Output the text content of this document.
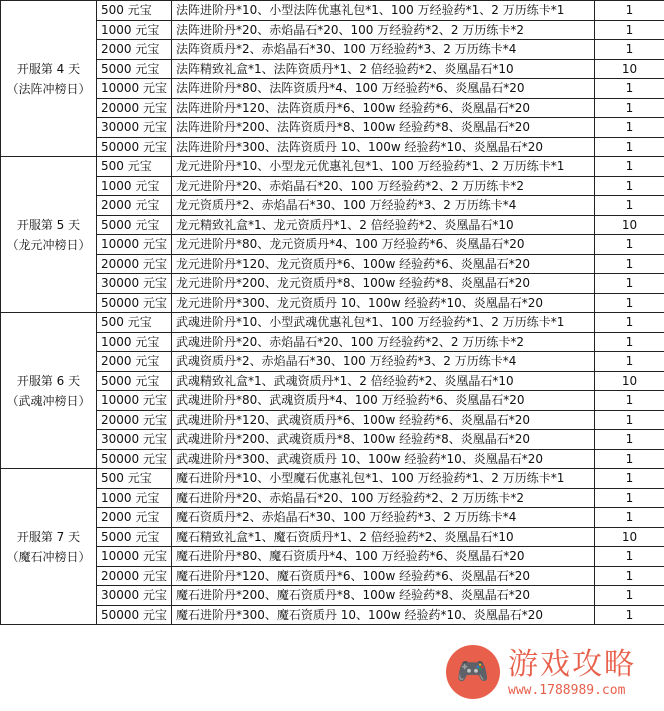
开服第 4 天
（法阵冲榜日）	500 元宝	法阵进阶丹*10、小型法阵优惠礼包*1、100 万经验药*1、2 万历练卡*1	1
	1000 元宝	法阵进阶丹*20、赤焰晶石*20、100 万经验药*2、2 万历练卡*2	1
	2000 元宝	法阵资质丹*2、赤焰晶石*30、100 万经验药*3、2 万历练卡*4	1
	5000 元宝	法阵精致礼盒*1、法阵资质丹*1、2 倍经验药*2、炎凰晶石*10	10
	10000 元宝	法阵进阶丹*80、法阵资质丹*4、100 万经验药*6、炎凰晶石*20	1
	20000 元宝	法阵进阶丹*120、法阵资质丹*6、100w 经验药*6、炎凰晶石*20	1
	30000 元宝	法阵进阶丹*200、法阵资质丹*8、100w 经验药*8、炎凰晶石*20	1
	50000 元宝	法阵进阶丹*300、法阵资质丹 10、100w 经验药*10、炎凰晶石*20	1

开服第 5 天
（龙元冲榜日）	500 元宝	龙元进阶丹*10、小型龙元优惠礼包*1、100 万经验药*1、2 万历练卡*1	1
	1000 元宝	龙元进阶丹*20、赤焰晶石*20、100 万经验药*2、2 万历练卡*2	1
	2000 元宝	龙元资质丹*2、赤焰晶石*30、100 万经验药*3、2 万历练卡*4	1
	5000 元宝	龙元精致礼盒*1、龙元资质丹*1、2 倍经验药*2、炎凰晶石*10	10
	10000 元宝	龙元进阶丹*80、龙元资质丹*4、100 万经验药*6、炎凰晶石*20	1
	20000 元宝	龙元进阶丹*120、龙元资质丹*6、100w 经验药*6、炎凰晶石*20	1
	30000 元宝	龙元进阶丹*200、龙元资质丹*8、100w 经验药*8、炎凰晶石*20	1
	50000 元宝	龙元进阶丹*300、龙元资质丹 10、100w 经验药*10、炎凰晶石*20	1

开服第 6 天
（武魂冲榜日）	500 元宝	武魂进阶丹*10、小型武魂优惠礼包*1、100 万经验药*1、2 万历练卡*1	1
	1000 元宝	武魂进阶丹*20、赤焰晶石*20、100 万经验药*2、2 万历练卡*2	1
	2000 元宝	武魂资质丹*2、赤焰晶石*30、100 万经验药*3、2 万历练卡*4	1
	5000 元宝	武魂精致礼盒*1、武魂资质丹*1、2 倍经验药*2、炎凰晶石*10	10
	10000 元宝	武魂进阶丹*80、武魂资质丹*4、100 万经验药*6、炎凰晶石*20	1
	20000 元宝	武魂进阶丹*120、武魂资质丹*6、100w 经验药*6、炎凰晶石*20	1
	30000 元宝	武魂进阶丹*200、武魂资质丹*8、100w 经验药*8、炎凰晶石*20	1
	50000 元宝	武魂进阶丹*300、武魂资质丹 10、100w 经验药*10、炎凰晶石*20	1

开服第 7 天
（魔石冲榜日）	500 元宝	魔石进阶丹*10、小型魔石优惠礼包*1、100 万经验药*1、2 万历练卡*1	1
	1000 元宝	魔石进阶丹*20、赤焰晶石*20、100 万经验药*2、2 万历练卡*2	1
	2000 元宝	魔石资质丹*2、赤焰晶石*30、100 万经验药*3、2 万历练卡*4	1
	5000 元宝	魔石精致礼盒*1、魔石资质丹*1、2 倍经验药*2、炎凰晶石*10	10
	10000 元宝	魔石进阶丹*80、魔石资质丹*4、100 万经验药*6、炎凰晶石*20	1
	20000 元宝	魔石进阶丹*120、魔石资质丹*6、100w 经验药*6、炎凰晶石*20	1
	30000 元宝	魔石进阶丹*200、魔石资质丹*8、100w 经验药*8、炎凰晶石*20	1
	50000 元宝	魔石进阶丹*300、魔石资质丹 10、100w 经验药*10、炎凰晶石*20	1
🎮 游戏攻略
www.1788989.com
